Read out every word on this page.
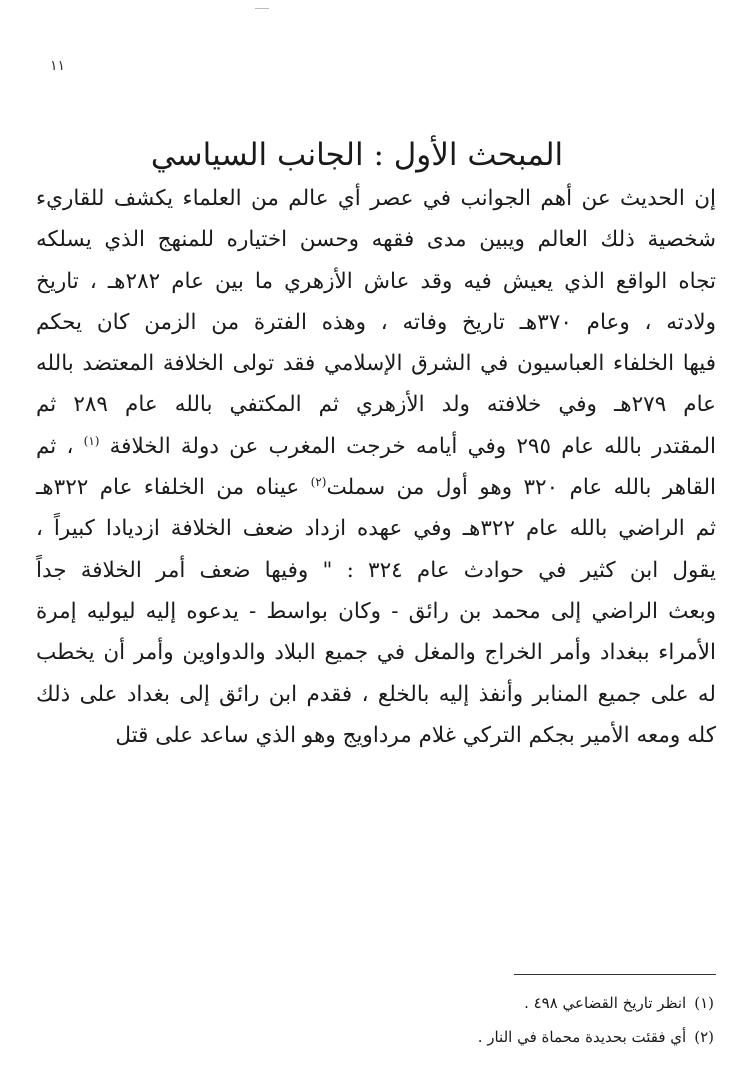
١١
المبحث الأول : الجانب السياسي
إن الحديث عن أهم الجوانب في عصر أي عالم من العلماء يكشف للقاريء
شخصية ذلك العالم ويبين مدى فقهه وحسن اختياره للمنهج الذي يسلكه
تجاه الواقع الذي يعيش فيه وقد عاش الأزهري ما بين عام ٢٨٢هـ ، تاريخ
ولادته ، وعام ٣٧٠هـ تاريخ وفاته ، وهذه الفترة من الزمن كان يحكم
فيها الخلفاء العباسيون في الشرق الإسلامي فقد تولى الخلافة المعتضد بالله
عام ٢٧٩هـ وفي خلافته ولد الأزهري ثم المكتفي بالله عام ٢٨٩ ثم
المقتدر بالله عام ٢٩٥ وفي أيامه خرجت المغرب عن دولة الخلافة $^{(١)}$ ، ثم
القاهر بالله عام ٣٢٠ وهو أول من سملت$^{(٢)}$ عيناه من الخلفاء عام ٣٢٢هـ
ثم الراضي بالله عام ٣٢٢هـ وفي عهده ازداد ضعف الخلافة ازديادا كبيراً ،
يقول ابن كثير في حوادث عام ٣٢٤ : " وفيها ضعف أمر الخلافة جداً
وبعث الراضي إلى محمد بن رائق - وكان بواسط - يدعوه إليه ليوليه إمرة
الأمراء ببغداد وأمر الخراج والمغل في جميع البلاد والدواوين وأمر أن يخطب
له على جميع المنابر وأنفذ إليه بالخلع ، فقدم ابن رائق إلى بغداد على ذلك
كله ومعه الأمير بجكم التركي غلام مرداويج وهو الذي ساعد على قتل
(١)انظر تاريخ القضاعي ٤٩٨ .
(٢)أي فقئت بحديدة محماة في النار .
